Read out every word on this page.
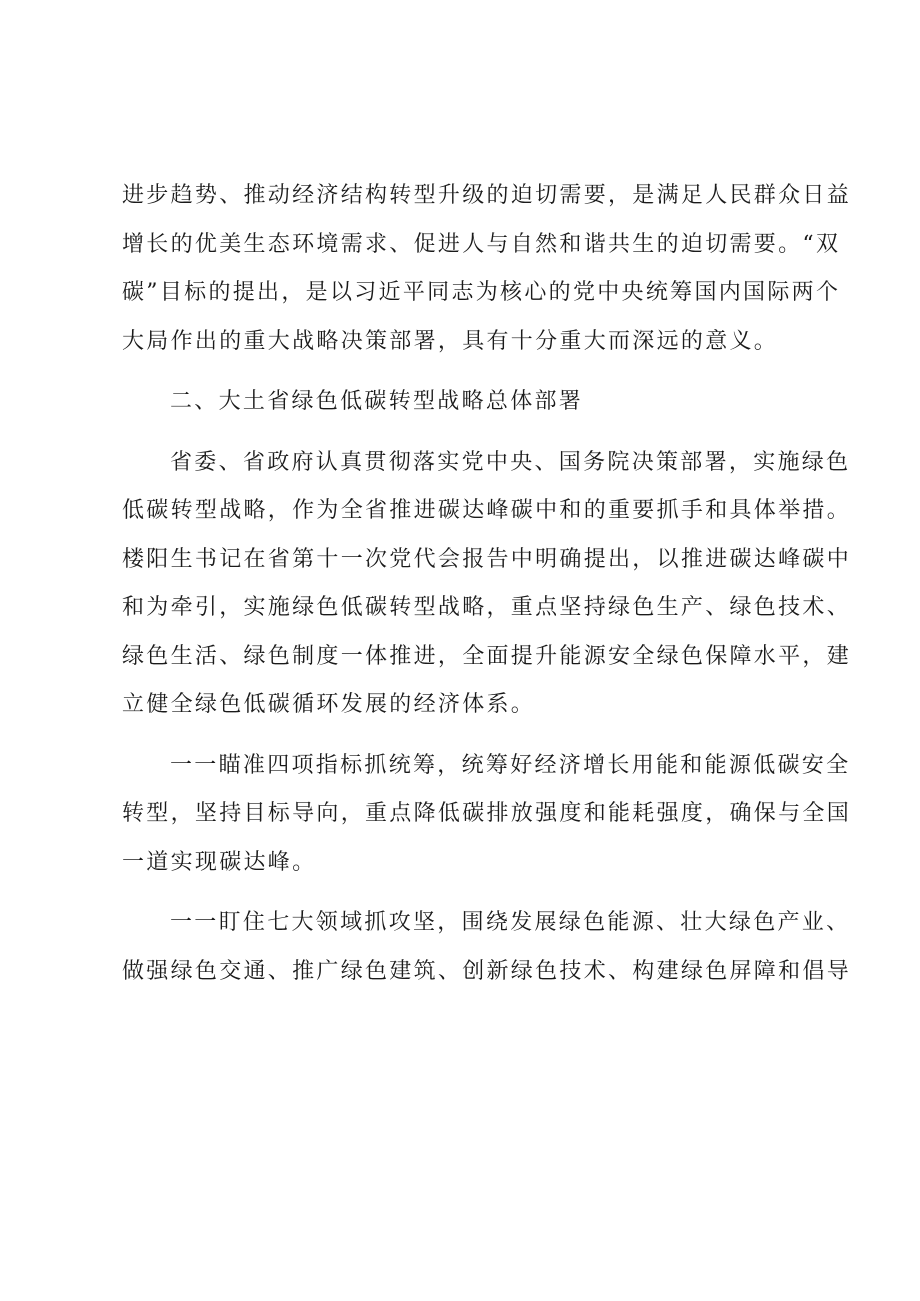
进步趋势、推动经济结构转型升级的迫切需要，是满足人民群众日益
增长的优美生态环境需求、促进人与自然和谐共生的迫切需要。“双
碳”目标的提出，是以习近平同志为核心的党中央统筹国内国际两个
大局作出的重大战略决策部署，具有十分重大而深远的意义。
二、大土省绿色低碳转型战略总体部署
省委、省政府认真贯彻落实党中央、国务院决策部署，实施绿色
低碳转型战略，作为全省推进碳达峰碳中和的重要抓手和具体举措。
楼阳生书记在省第十一次党代会报告中明确提出，以推进碳达峰碳中
和为牵引，实施绿色低碳转型战略，重点坚持绿色生产、绿色技术、
绿色生活、绿色制度一体推进，全面提升能源安全绿色保障水平，建
立健全绿色低碳循环发展的经济体系。
一一瞄准四项指标抓统筹，统筹好经济增长用能和能源低碳安全
转型，坚持目标导向，重点降低碳排放强度和能耗强度，确保与全国
一道实现碳达峰。
一一盯住七大领域抓攻坚，围绕发展绿色能源、壮大绿色产业、
做强绿色交通、推广绿色建筑、创新绿色技术、构建绿色屏障和倡导
